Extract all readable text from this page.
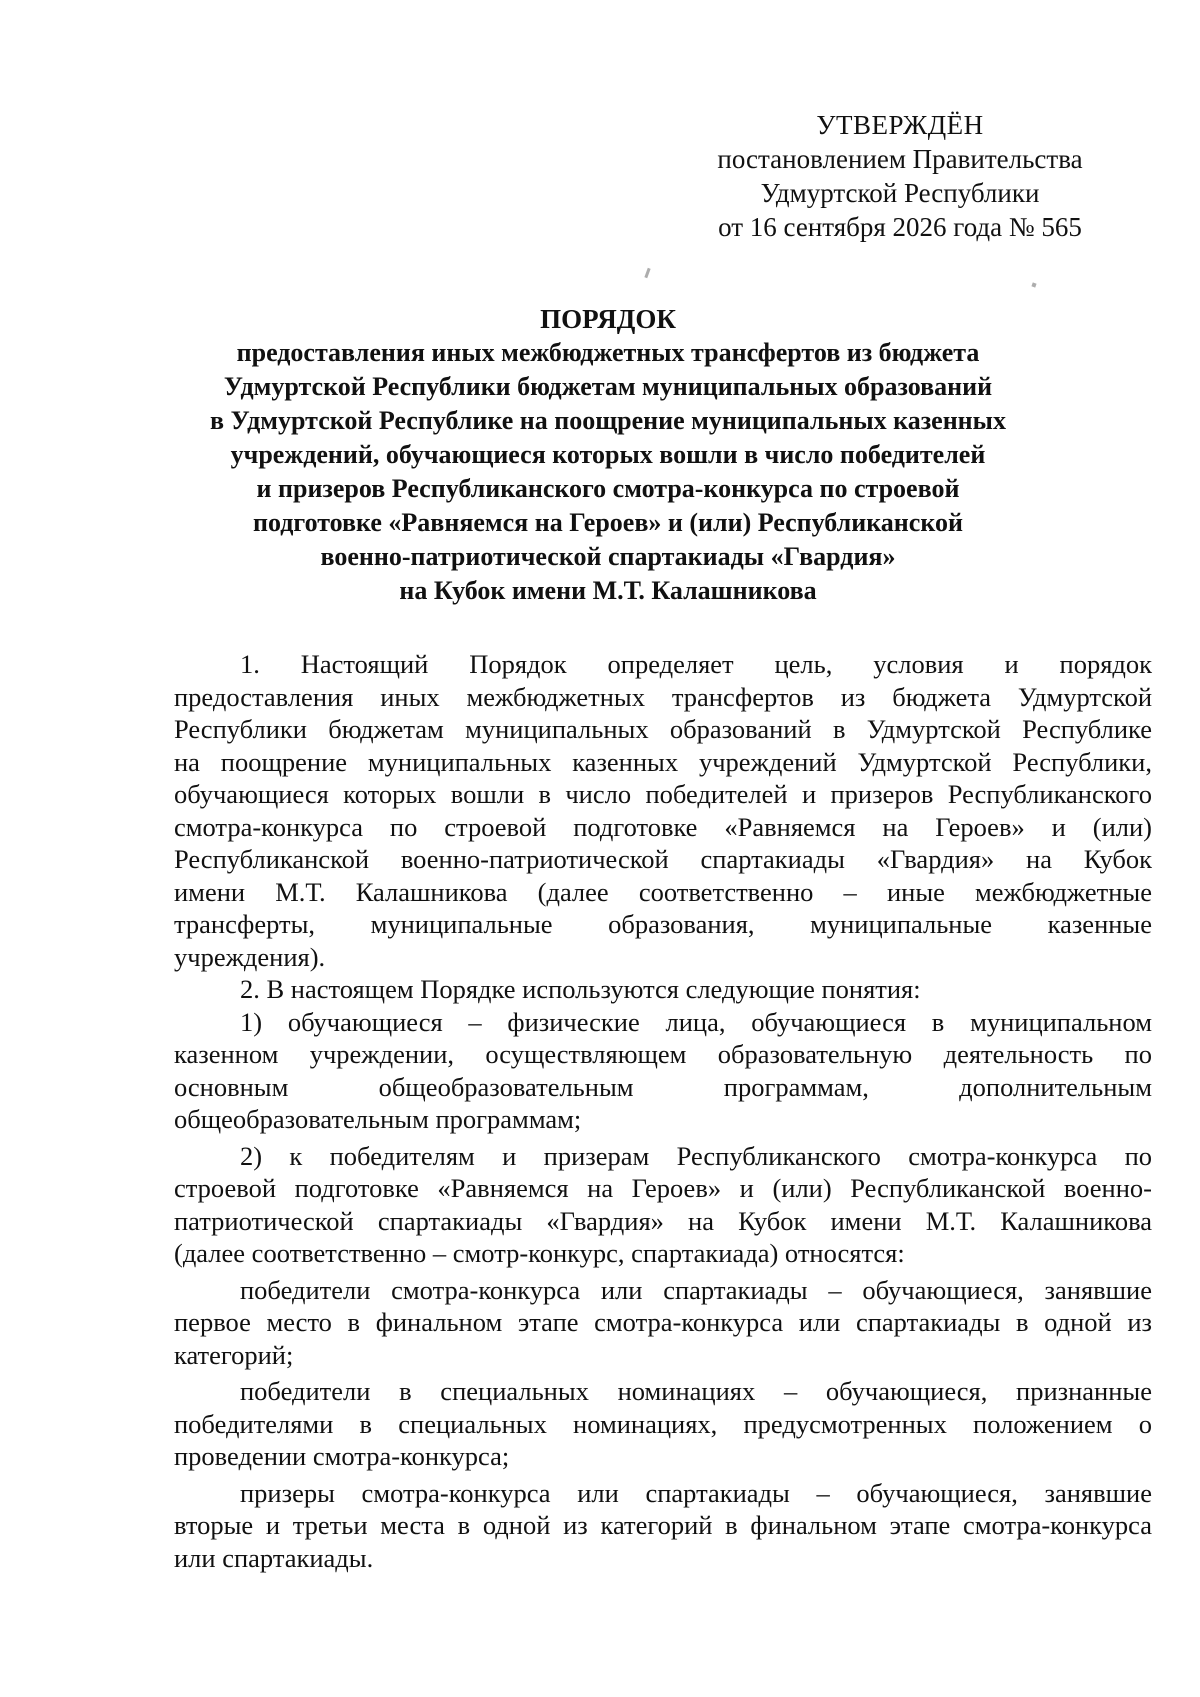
УТВЕРЖДЁН
постановлением Правительства
Удмуртской Республики
от 16 сентября 2026 года № 565
ПОРЯДОК
предоставления иных межбюджетных трансфертов из бюджета
Удмуртской Республики бюджетам муниципальных образований
в Удмуртской Республике на поощрение муниципальных казенных
учреждений, обучающиеся которых вошли в число победителей
и призеров Республиканского смотра-конкурса по строевой
подготовке «Равняемся на Героев» и (или) Республиканской
военно-патриотической спартакиады «Гвардия»
на Кубок имени М.Т. Калашникова
1. Настоящий Порядок определяет цель, условия и порядок
предоставления иных межбюджетных трансфертов из бюджета Удмуртской
Республики бюджетам муниципальных образований в Удмуртской Республике
на поощрение муниципальных казенных учреждений Удмуртской Республики,
обучающиеся которых вошли в число победителей и призеров Республиканского
смотра-конкурса по строевой подготовке «Равняемся на Героев» и (или)
Республиканской военно-патриотической спартакиады «Гвардия» на Кубок
имени М.Т. Калашникова (далее соответственно – иные межбюджетные
трансферты, муниципальные образования, муниципальные казенные
учреждения).
2. В настоящем Порядке используются следующие понятия:
1) обучающиеся – физические лица, обучающиеся в муниципальном
казенном учреждении, осуществляющем образовательную деятельность по
основным общеобразовательным программам, дополнительным
общеобразовательным программам;
2) к победителям и призерам Республиканского смотра-конкурса по
строевой подготовке «Равняемся на Героев» и (или) Республиканской военно-
патриотической спартакиады «Гвардия» на Кубок имени М.Т. Калашникова
(далее соответственно – смотр-конкурс, спартакиада) относятся:
победители смотра-конкурса или спартакиады – обучающиеся, занявшие
первое место в финальном этапе смотра-конкурса или спартакиады в одной из
категорий;
победители в специальных номинациях – обучающиеся, признанные
победителями в специальных номинациях, предусмотренных положением о
проведении смотра-конкурса;
призеры смотра-конкурса или спартакиады – обучающиеся, занявшие
вторые и третьи места в одной из категорий в финальном этапе смотра-конкурса
или спартакиады.
